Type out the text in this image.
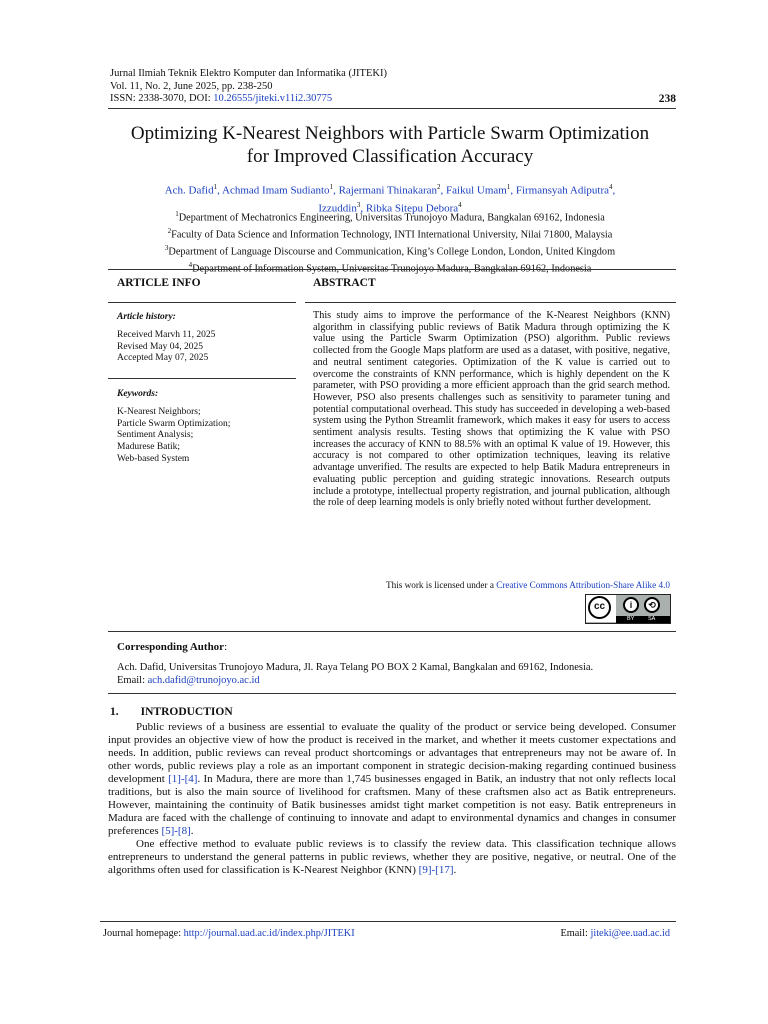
Jurnal Ilmiah Teknik Elektro Komputer dan Informatika (JITEKI)
Vol. 11, No. 2, June 2025, pp. 238-250
ISSN: 2338-3070, DOI: 10.26555/jiteki.v11i2.30775	238
Optimizing K-Nearest Neighbors with Particle Swarm Optimization
for Improved Classification Accuracy
Ach. Dafid$^1$, Achmad Imam Sudianto$^1$, Rajermani Thinakaran$^2$, Faikul Umam$^1$, Firmansyah Adiputra$^4$,
Izzuddin$^3$, Ribka Sitepu Debora$^4$
$^1$Department of Mechatronics Engineering, Universitas Trunojoyo Madura, Bangkalan 69162, Indonesia
$^2$Faculty of Data Science and Information Technology, INTI International University, Nilai 71800, Malaysia
$^3$Department of Language Discourse and Communication, King’s College London, London, United Kingdom
$^4$Department of Information System, Universitas Trunojoyo Madura, Bangkalan 69162, Indonesia
ARTICLE INFO	ABSTRACT
Article history:
Received Marvh 11, 2025
Revised May 04, 2025
Accepted May 07, 2025
Keywords:
K-Nearest Neighbors;
Particle Swarm Optimization;
Sentiment Analysis;
Madurese Batik;
Web-based System
This study aims to improve the performance of the K-Nearest Neighbors (KNN) algorithm in classifying public reviews of Batik Madura through optimizing the K value using the Particle Swarm Optimization (PSO) algorithm. Public reviews collected from the Google Maps platform are used as a dataset, with positive, negative, and neutral sentiment categories. Optimization of the K value is carried out to overcome the constraints of KNN performance, which is highly dependent on the K parameter, with PSO providing a more efficient approach than the grid search method. However, PSO also presents challenges such as sensitivity to parameter tuning and potential computational overhead. This study has succeeded in developing a web-based system using the Python Streamlit framework, which makes it easy for users to access sentiment analysis results. Testing shows that optimizing the K value with PSO increases the accuracy of KNN to 88.5% with an optimal K value of 19. However, this accuracy is not compared to other optimization techniques, leaving its relative advantage unverified. The results are expected to help Batik Madura entrepreneurs in evaluating public perception and guiding strategic innovations. Research outputs include a prototype, intellectual property registration, and journal publication, although the role of deep learning models is only briefly noted without further development.
This work is licensed under a Creative Commons Attribution-Share Alike 4.0
cc	i	⟲
BY SA
Corresponding Author:
Ach. Dafid, Universitas Trunojoyo Madura, Jl. Raya Telang PO BOX 2 Kamal, Bangkalan and 69162, Indonesia.
Email: ach.dafid@trunojoyo.ac.id
1. INTRODUCTION

Public reviews of a business are essential to evaluate the quality of the product or service being developed. Consumer input provides an objective view of how the product is received in the market, and whether it meets customer expectations and needs. In addition, public reviews can reveal product shortcomings or advantages that entrepreneurs may not be aware of. In other words, public reviews play a role as an important component in strategic decision-making regarding continued business development [1]-[4]. In Madura, there are more than 1,745 businesses engaged in Batik, an industry that not only reflects local traditions, but is also the main source of livelihood for craftsmen. Many of these craftsmen also act as Batik entrepreneurs. However, maintaining the continuity of Batik businesses amidst tight market competition is not easy. Batik entrepreneurs in Madura are faced with the challenge of continuing to innovate and adapt to environmental dynamics and changes in consumer preferences [5]-[8].

One effective method to evaluate public reviews is to classify the review data. This classification technique allows entrepreneurs to understand the general patterns in public reviews, whether they are positive, negative, or neutral. One of the algorithms often used for classification is K-Nearest Neighbor (KNN) [9]-[17].

Journal homepage: http://journal.uad.ac.id/index.php/JITEKI	Email: jiteki@ee.uad.ac.id
